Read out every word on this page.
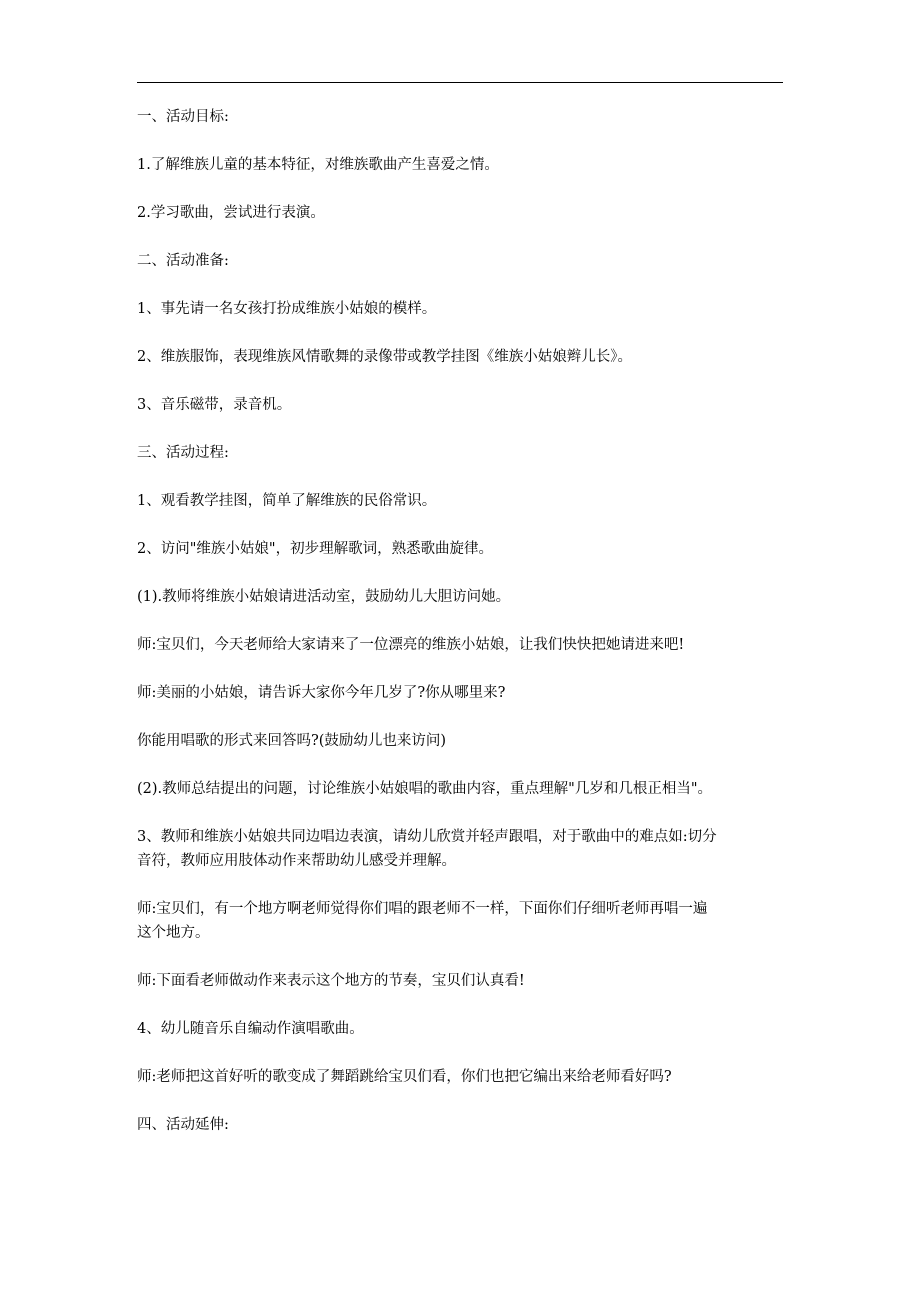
一、活动目标:

1.了解维族儿童的基本特征，对维族歌曲产生喜爱之情。

2.学习歌曲，尝试进行表演。

二、活动准备:

1、事先请一名女孩打扮成维族小姑娘的模样。

2、维族服饰，表现维族风情歌舞的录像带或教学挂图《维族小姑娘辫儿长》。

3、音乐磁带，录音机。

三、活动过程:

1、观看教学挂图，简单了解维族的民俗常识。

2、访问"维族小姑娘"，初步理解歌词，熟悉歌曲旋律。

(1).教师将维族小姑娘请进活动室，鼓励幼儿大胆访问她。

师:宝贝们，今天老师给大家请来了一位漂亮的维族小姑娘，让我们快快把她请进来吧!

师:美丽的小姑娘，请告诉大家你今年几岁了?你从哪里来?

你能用唱歌的形式来回答吗?(鼓励幼儿也来访问)

(2).教师总结提出的问题，讨论维族小姑娘唱的歌曲内容，重点理解"几岁和几根正相当"。

3、教师和维族小姑娘共同边唱边表演，请幼儿欣赏并轻声跟唱，对于歌曲中的难点如:切分
音符，教师应用肢体动作来帮助幼儿感受并理解。

师:宝贝们，有一个地方啊老师觉得你们唱的跟老师不一样，下面你们仔细听老师再唱一遍
这个地方。

师:下面看老师做动作来表示这个地方的节奏，宝贝们认真看!

4、幼儿随音乐自编动作演唱歌曲。

师:老师把这首好听的歌变成了舞蹈跳给宝贝们看，你们也把它编出来给老师看好吗?

四、活动延伸:
